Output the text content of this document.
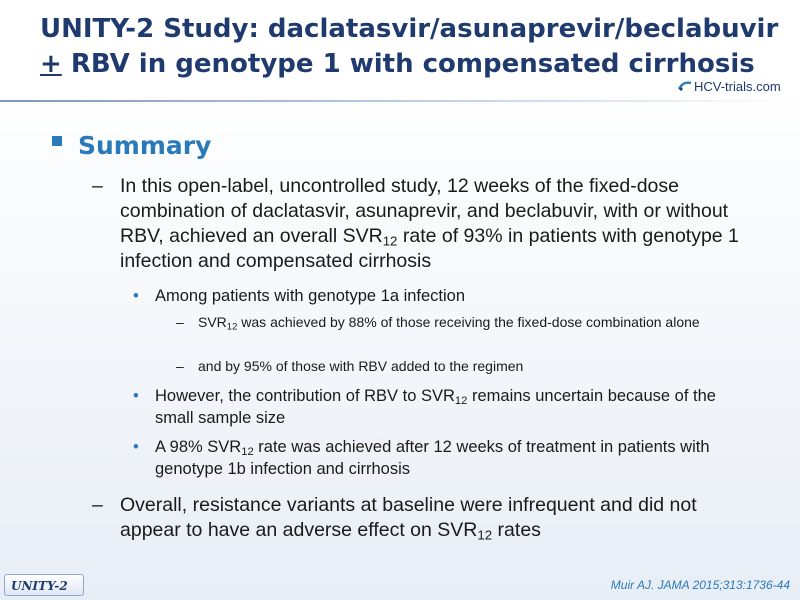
UNITY-2 Study: daclatasvir/asunaprevir/beclabuvir
+ RBV in genotype 1 with compensated cirrhosis
HCV-trials.com
Summary
– In this open-label, uncontrolled study, 12 weeks of the fixed-dose combination of daclatasvir, asunaprevir, and beclabuvir, with or without RBV, achieved an overall $SVR_{12}$ rate of 93% in patients with genotype 1 infection and compensated cirrhosis
• Among patients with genotype 1a infection
– $SVR_{12}$ was achieved by 88% of those receiving the fixed-dose combination alone
– and by 95% of those with RBV added to the regimen
• However, the contribution of RBV to $SVR_{12}$ remains uncertain because of the small sample size
• A 98% $SVR_{12}$ rate was achieved after 12 weeks of treatment in patients with genotype 1b infection and cirrhosis
– Overall, resistance variants at baseline were infrequent and did not appear to have an adverse effect on $SVR_{12}$ rates
UNITY-2	Muir AJ. JAMA 2015;313:1736-44
